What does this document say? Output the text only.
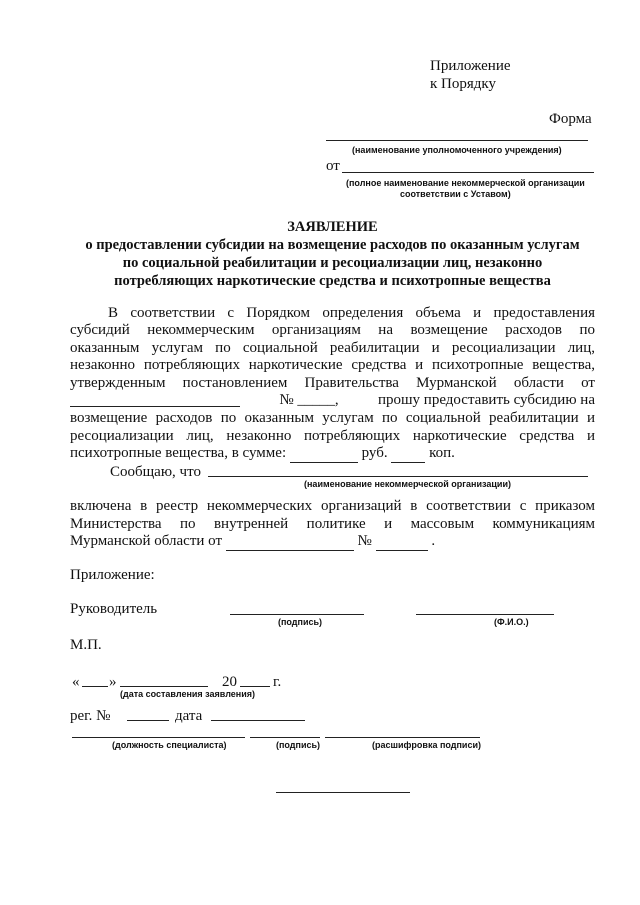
Приложение
к Порядку
Форма
(наименование уполномоченного учреждения)
от
(полное наименование некоммерческой организации
соответствии с Уставом)
ЗАЯВЛЕНИЕ
о предоставлении субсидии на возмещение расходов по оказанным услугам
по социальной реабилитации и ресоциализации лиц, незаконно
потребляющих наркотические средства и психотропные вещества
В соответствии с Порядком определения объема и предоставления
субсидий некоммерческим организациям на возмещение расходов по
оказанным услугам по социальной реабилитации и ресоциализации лиц,
незаконно потребляющих наркотические средства и психотропные вещества,
утвержденным постановлением Правительства Мурманской области от
№ _____,	прошу предоставить субсидию на
возмещение расходов по оказанным услугам по социальной реабилитации и
ресоциализации лиц, незаконно потребляющих наркотические средства и
психотропные вещества, в сумме:	руб.	коп.
Сообщаю, что
(наименование некоммерческой организации)
включена в реестр некоммерческих организаций в соответствии с приказом
Министерства по внутренней политике и массовым коммуникациям
Мурманской области от	№	.
Приложение:
Руководитель
(подпись)	(Ф.И.О.)
М.П.
« »	20 г.
(дата составления заявления)
рег. №	дата
(должность специалиста)	(подпись)	(расшифровка подписи)
